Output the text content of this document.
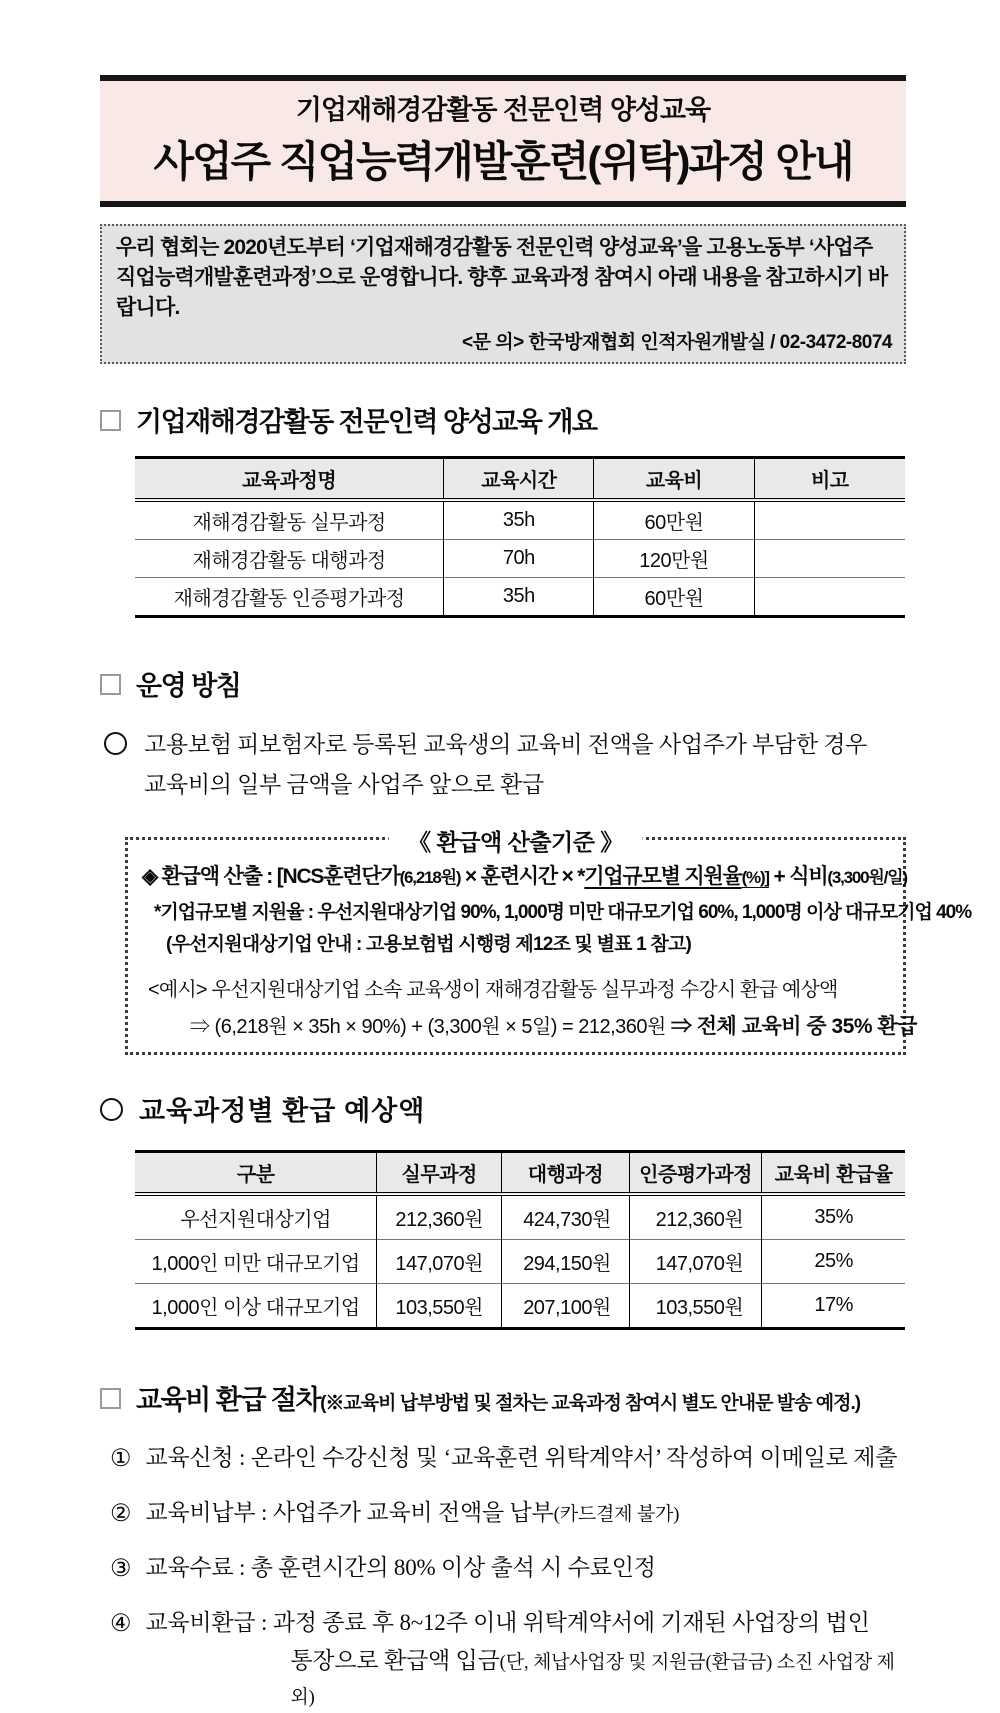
기업재해경감활동 전문인력 양성교육
사업주 직업능력개발훈련(위탁)과정 안내
우리 협회는 2020년도부터 ‘기업재해경감활동 전문인력 양성교육’을 고용노동부 ‘사업주
직업능력개발훈련과정’으로 운영합니다. 향후 교육과정 참여시 아래 내용을 참고하시기 바랍니다.
<문 의> 한국방재협회 인적자원개발실 / 02-3472-8074
기업재해경감활동 전문인력 양성교육 개요
교육과정명	교육시간	교육비	비고
재해경감활동 실무과정	35h	60만원	
재해경감활동 대행과정	70h	120만원	
재해경감활동 인증평가과정	35h	60만원	
운영 방침
고용보험 피보험자로 등록된 교육생의 교육비 전액을 사업주가 부담한 경우
교육비의 일부 금액을 사업주 앞으로 환급
《 환급액 산출기준 》
◈ 환급액 산출 : [NCS훈련단가(6,218원) × 훈련시간 × *기업규모별 지원율(%)] + 식비(3,300원/일)
*기업규모별 지원율 : 우선지원대상기업 90%, 1,000명 미만 대규모기업 60%, 1,000명 이상 대규모기업 40%
(우선지원대상기업 안내 : 고용보험법 시행령 제12조 및 별표 1 참고)
<예시> 우선지원대상기업 소속 교육생이 재해경감활동 실무과정 수강시 환급 예상액
⇒ (6,218원 × 35h × 90%) + (3,300원 × 5일) = 212,360원 ⇒ 전체 교육비 중 35% 환급
교육과정별 환급 예상액
구분	실무과정	대행과정	인증평가과정	교육비 환급율
우선지원대상기업	212,360원	424,730원	212,360원	35%
1,000인 미만 대규모기업	147,070원	294,150원	147,070원	25%
1,000인 이상 대규모기업	103,550원	207,100원	103,550원	17%
교육비 환급 절차(※교육비 납부방법 및 절차는 교육과정 참여시 별도 안내문 발송 예정.)
① 교육신청 : 온라인 수강신청 및 ‘교육훈련 위탁계약서’ 작성하여 이메일로 제출
② 교육비납부 : 사업주가 교육비 전액을 납부(카드결제 불가)
③ 교육수료 : 총 훈련시간의 80% 이상 출석 시 수료인정
④ 교육비환급 : 과정 종료 후 8~12주 이내 위탁계약서에 기재된 사업장의 법인
통장으로 환급액 입금(단, 체납사업장 및 지원금(환급금) 소진 사업장 제외)
